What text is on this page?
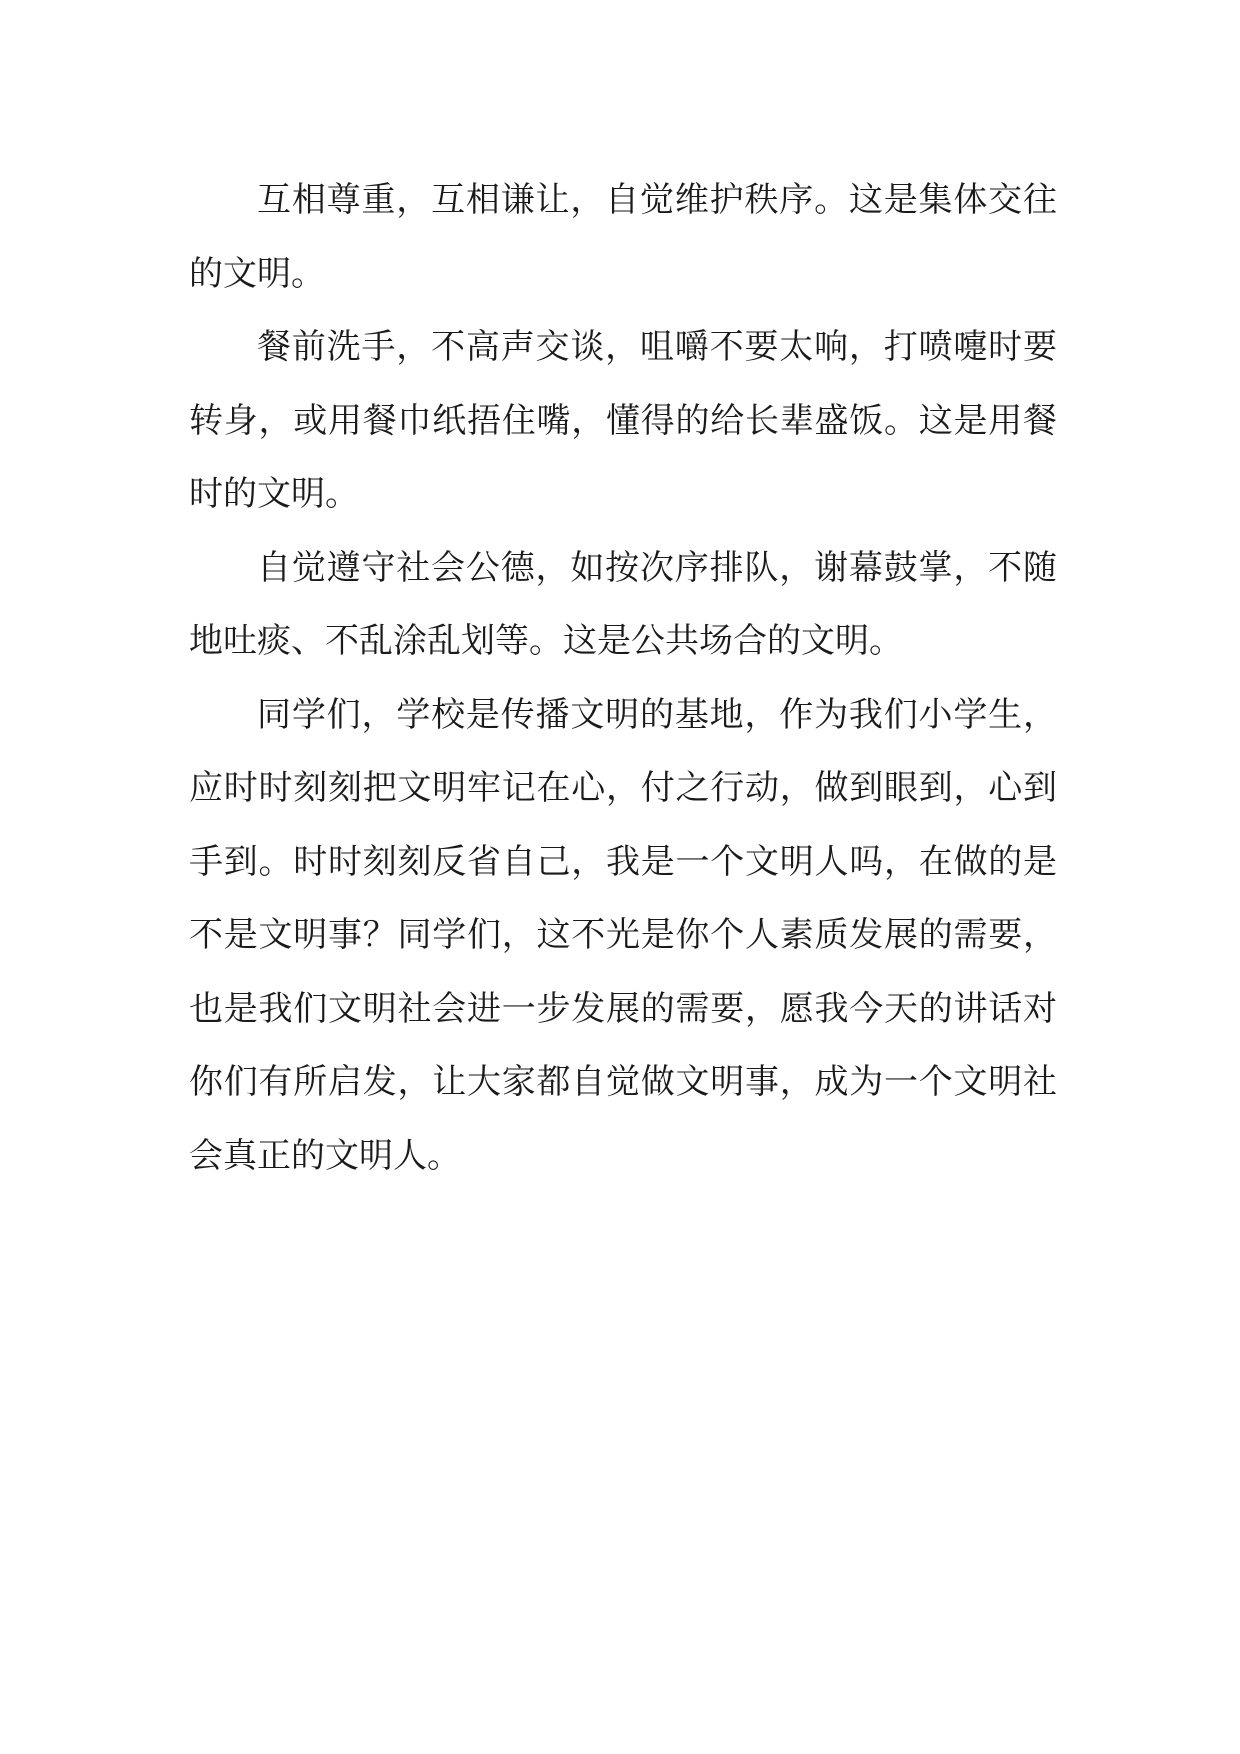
互相尊重，互相谦让，自觉维护秩序。这是集体交往
的文明。
餐前洗手，不高声交谈，咀嚼不要太响，打喷嚏时要
转身，或用餐巾纸捂住嘴，懂得的给长辈盛饭。这是用餐
时的文明。
自觉遵守社会公德，如按次序排队，谢幕鼓掌，不随
地吐痰、不乱涂乱划等。这是公共场合的文明。
同学们，学校是传播文明的基地，作为我们小学生，
应时时刻刻把文明牢记在心，付之行动，做到眼到，心到
手到。时时刻刻反省自己，我是一个文明人吗，在做的是
不是文明事？同学们，这不光是你个人素质发展的需要，
也是我们文明社会进一步发展的需要，愿我今天的讲话对
你们有所启发，让大家都自觉做文明事，成为一个文明社
会真正的文明人。
